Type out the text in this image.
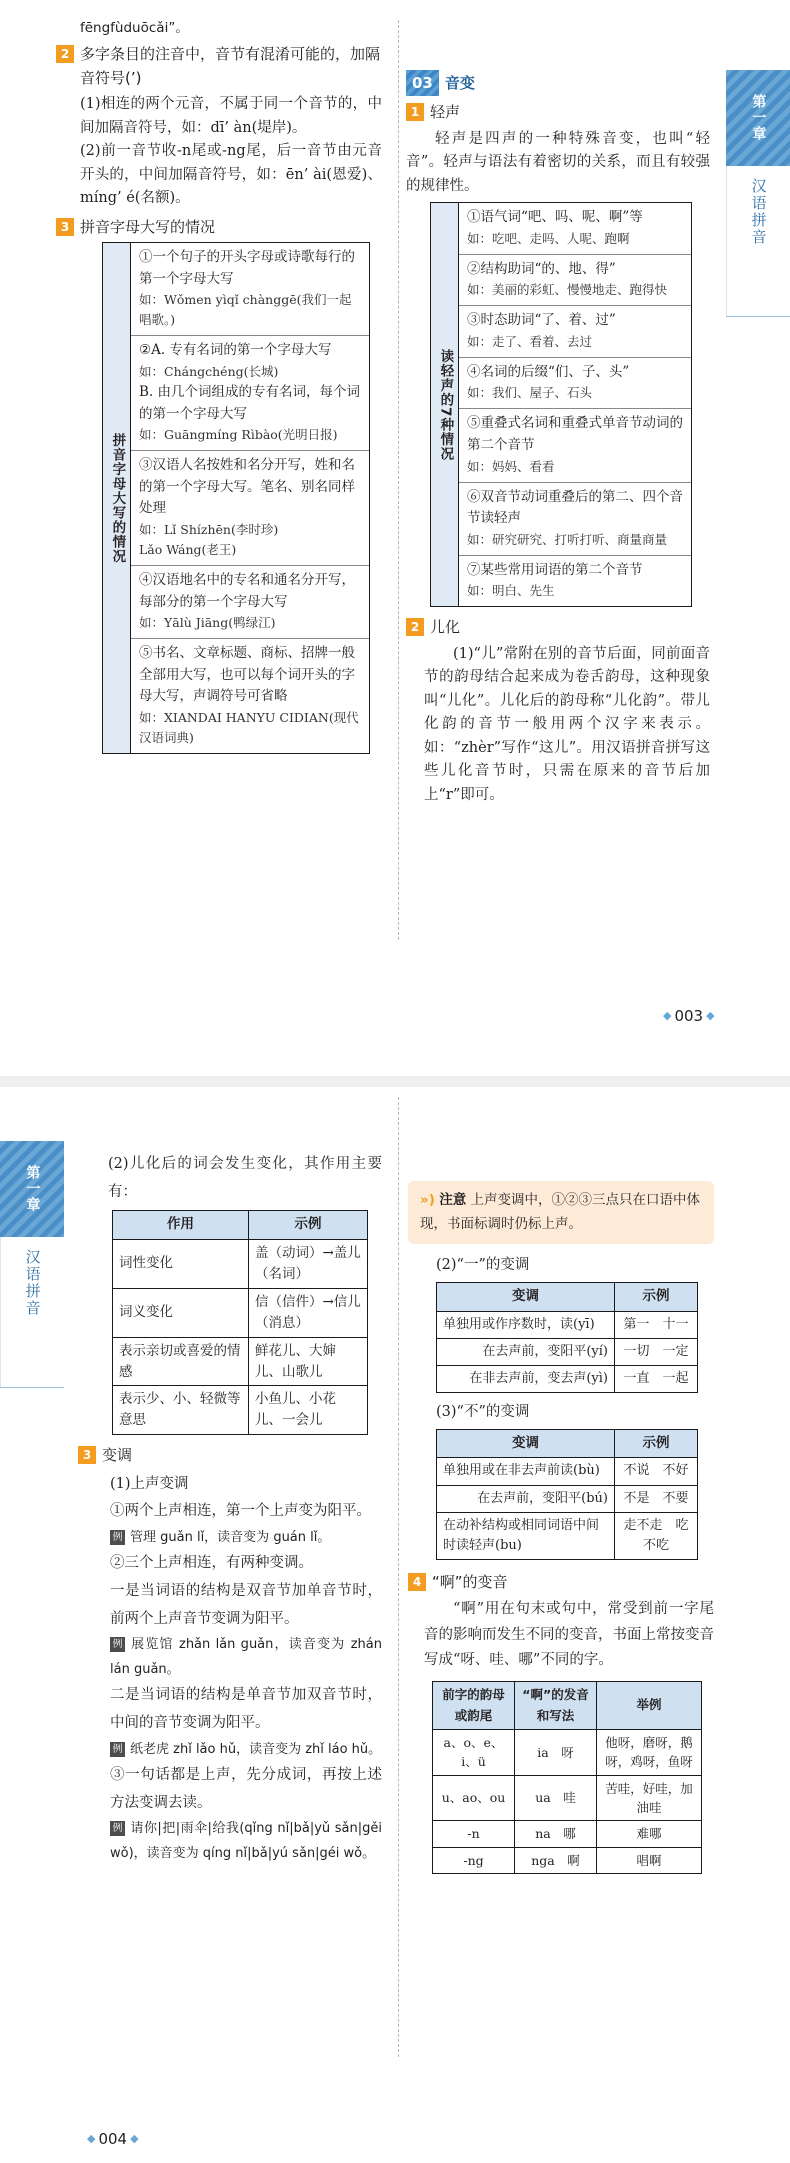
fēngfùduōcǎi”。

2 多字条目的注音中，音节有混淆可能的，加隔音符号(’)

(1)相连的两个元音，不属于同一个音节的，中间加隔音符号，如：dī’ àn(堤岸)。

(2)前一音节收-n尾或-ng尾，后一音节由元音开头的，中间加隔音符号，如：ēn’ ài(恩爱)、míng’ é(名额)。

3 拼音字母大写的情况
拼音字母大写的情况
①一个句子的开头字母或诗歌每行的第一个字母大写
如：Wǒmen yìqǐ chànggē(我们一起唱歌。)
②A. 专有名词的第一个字母大写
如：Chángchéng(长城)
B. 由几个词组成的专有名词，每个词的第一个字母大写
如：Guāngmíng Rìbào(光明日报)
③汉语人名按姓和名分开写，姓和名的第一个字母大写。笔名、别名同样处理
如：Lǐ Shízhēn(李时珍)
Lǎo Wáng(老王)
④汉语地名中的专名和通名分开写，每部分的第一个字母大写
如：Yālù Jiāng(鸭绿江)
⑤书名、文章标题、商标、招牌一般全部用大写，也可以每个词开头的字母大写，声调符号可省略
如：XIANDAI HANYU CIDIAN(现代汉语词典)
03 音变
1 轻声

轻声是四声的一种特殊音变，也叫“轻音”。轻声与语法有着密切的关系，而且有较强的规律性。

读轻声的7种情况
①语气词“吧、吗、呢、啊”等
如：吃吧、走吗、人呢、跑啊
②结构助词“的、地、得”
如：美丽的彩虹、慢慢地走、跑得快
③时态助词“了、着、过”
如：走了、看着、去过
④名词的后缀“们、子、头”
如：我们、屋子、石头
⑤重叠式名词和重叠式单音节动词的第二个音节
如：妈妈、看看
⑥双音节动词重叠后的第二、四个音节读轻声
如：研究研究、打听打听、商量商量
⑦某些常用词语的第二个音节
如：明白、先生
2 儿化

(1)“儿”常附在别的音节后面，同前面音节的韵母结合起来成为卷舌韵母，这种现象叫“儿化”。儿化后的韵母称“儿化韵”。带儿化韵的音节一般用两个汉字来表示。如：“zhèr”写作“这儿”。用汉语拼音拼写这些儿化音节时，只需在原来的音节后加上“r”即可。

第一章
汉语拼音
◆ 003 ◆
第一章
汉语拼音

(2)儿化后的词会发生变化，其作用主要有：

作用	示例
词性变化	盖（动词）→盖儿（名词）
词义变化	信（信件）→信儿（消息）
表示亲切或喜爱的情感	鲜花儿、大婶儿、山歌儿
表示少、小、轻微等意思	小鱼儿、小花儿、一会儿
3 变调

(1)上声变调

①两个上声相连，第一个上声变为阳平。

例 管理 guǎn lǐ，读音变为 guán lǐ。

②三个上声相连，有两种变调。

一是当词语的结构是双音节加单音节时，前两个上声音节变调为阳平。

例 展览馆 zhǎn lǎn guǎn，读音变为 zhán lán guǎn。

二是当词语的结构是单音节加双音节时，中间的音节变调为阳平。

例 纸老虎 zhǐ lǎo hǔ，读音变为 zhǐ láo hǔ。

③一句话都是上声，先分成词，再按上述方法变调去读。

例 请你|把|雨伞|给我(qǐng nǐ|bǎ|yǔ sǎn|gěi wǒ)，读音变为 qíng nǐ|bǎ|yú sǎn|géi wǒ。

») 注意 上声变调中，①②③三点只在口语中体现，书面标调时仍标上声。

(2)“一”的变调

变调	示例
单独用或作序数时，读(yī)	第一　十一
在去声前，变阳平(yí)	一切　一定
在非去声前，变去声(yì)	一直　一起

(3)“不”的变调

变调	示例
单独用或在非去声前读(bù)	不说　不好
在去声前，变阳平(bú)	不是　不要
在动补结构或相同词语中间时读轻声(bu)	走不走　吃不吃
4 “啊”的变音

“啊”用在句末或句中，常受到前一字尾音的影响而发生不同的变音，书面上常按变音写成“呀、哇、哪”不同的字。

前字的韵母或韵尾	“啊”的发音和写法	举例
a、o、e、i、ü	ia　呀	他呀，磨呀，鹅呀，鸡呀，鱼呀
u、ao、ou	ua　哇	苦哇，好哇，加油哇
-n	na　哪	难哪
-ng	nga　啊	唱啊
◆ 004 ◆
